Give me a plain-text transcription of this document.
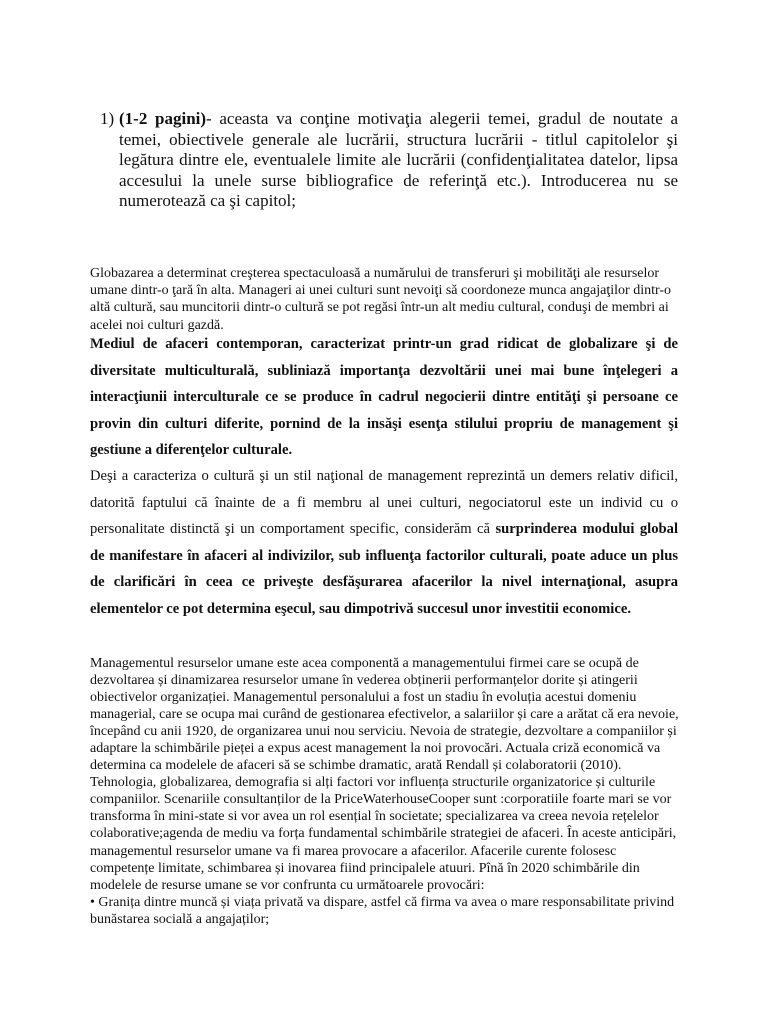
1) (1-2 pagini)- aceasta va conţine motivaţia alegerii temei, gradul de noutate a temei, obiectivele generale ale lucrării, structura lucrării - titlul capitolelor şi legătura dintre ele, eventualele limite ale lucrării (confidenţialitatea datelor, lipsa accesului la unele surse bibliografice de referinţă etc.). Introducerea nu se numerotează ca şi capitol;

Globazarea a determinat creşterea spectaculoasă a numărului de transferuri şi mobilităţi ale resurselor umane dintr-o ţară în alta. Manageri ai unei culturi sunt nevoiţi să coordoneze munca angajaţilor dintr-o altă cultură, sau muncitorii dintr-o cultură se pot regăsi într-un alt mediu cultural, conduşi de membri ai acelei noi culturi gazdă.

Mediul de afaceri contemporan, caracterizat printr-un grad ridicat de globalizare şi de diversitate multiculturală, subliniază importanţa dezvoltării unei mai bune înţelegeri a interacţiunii interculturale ce se produce în cadrul negocierii dintre entităţi şi persoane ce provin din culturi diferite, pornind de la insăşi esenţa stilului propriu de management şi gestiune a diferenţelor culturale.

Deşi a caracteriza o cultură şi un stil naţional de management reprezintă un demers relativ dificil, datorită faptului că înainte de a fi membru al unei culturi, negociatorul este un individ cu o personalitate distinctă şi un comportament specific, considerăm că surprinderea modului global de manifestare în afaceri al indivizilor, sub influenţa factorilor culturali, poate aduce un plus de clarificări în ceea ce priveşte desfăşurarea afacerilor la nivel internaţional, asupra elementelor ce pot determina eşecul, sau dimpotrivă succesul unor investitii economice.

Managementul resurselor umane este acea componentă a managementului firmei care se ocupă de dezvoltarea și dinamizarea resurselor umane în vederea obținerii performanțelor dorite și atingerii obiectivelor organizației. Managementul personalului a fost un stadiu în evoluția acestui domeniu managerial, care se ocupa mai curând de gestionarea efectivelor, a salariilor și care a arătat că era nevoie, începând cu anii 1920, de organizarea unui nou serviciu. Nevoia de strategie, dezvoltare a companiilor și adaptare la schimbările pieței a expus acest management la noi provocări. Actuala criză economică va determina ca modelele de afaceri să se schimbe dramatic, arată Rendall și colaboratorii (2010). Tehnologia, globalizarea, demografia si alți factori vor influența structurile organizatorice și culturile companiilor. Scenariile consultanților de la PriceWaterhouseCooper sunt :corporatiile foarte mari se vor transforma în mini-state si vor avea un rol esențial în societate; specializarea va creea nevoia rețelelor colaborative;agenda de mediu va forța fundamental schimbările strategiei de afaceri. În aceste anticipări, managementul resurselor umane va fi marea provocare a afacerilor. Afacerile curente folosesc competențe limitate, schimbarea și inovarea fiind principalele atuuri. Pînă în 2020 schimbările din modelele de resurse umane se vor confrunta cu următoarele provocări:

• Granița dintre muncă și viața privată va dispare, astfel că firma va avea o mare responsabilitate privind bunăstarea socială a angajaților;
